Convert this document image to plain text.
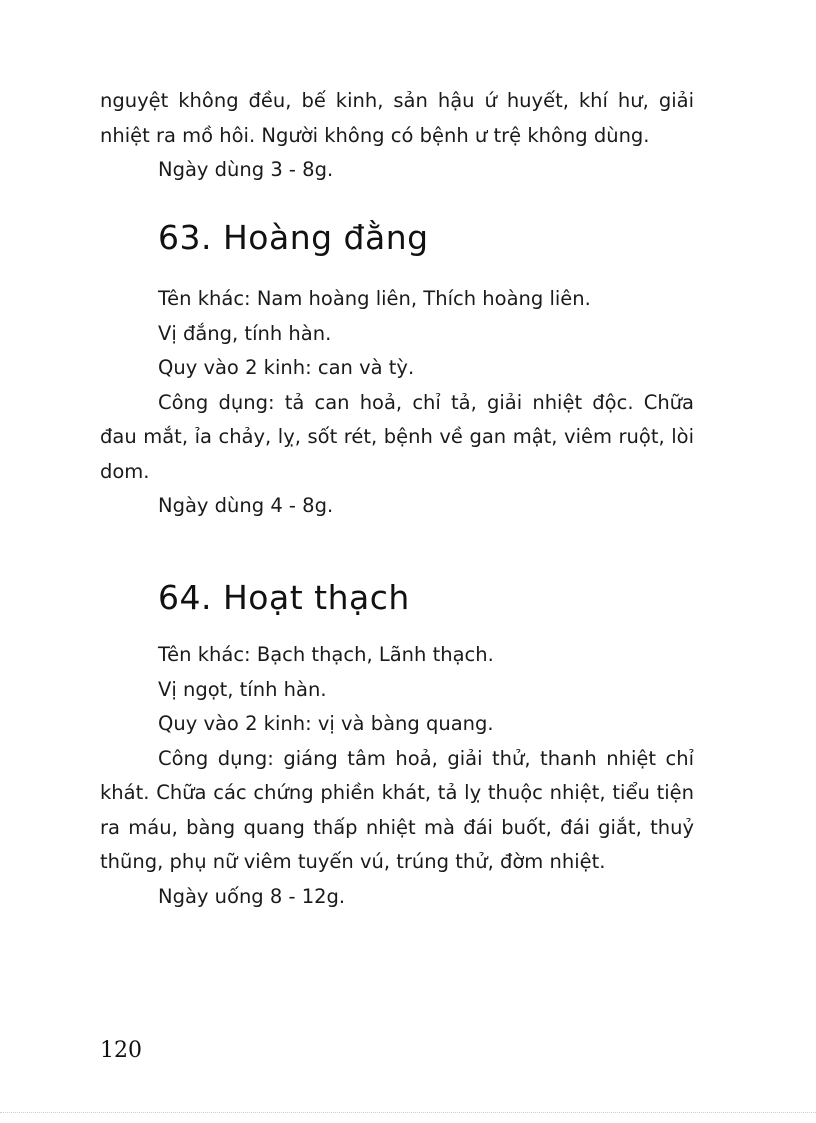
nguyệt không đều, bế kinh, sản hậu ứ huyết, khí hư, giải nhiệt ra mồ hôi. Người không có bệnh ư trệ không dùng.

Ngày dùng 3 - 8g.

63. Hoàng đằng

Tên khác: Nam hoàng liên, Thích hoàng liên.

Vị đắng, tính hàn.

Quy vào 2 kinh: can và tỳ.

Công dụng: tả can hoả, chỉ tả, giải nhiệt độc. Chữa đau mắt, ỉa chảy, lỵ, sốt rét, bệnh về gan mật, viêm ruột, lòi dom.

Ngày dùng 4 - 8g.

64. Hoạt thạch

Tên khác: Bạch thạch, Lãnh thạch.

Vị ngọt, tính hàn.

Quy vào 2 kinh: vị và bàng quang.

Công dụng: giáng tâm hoả, giải thử, thanh nhiệt chỉ khát. Chữa các chứng phiền khát, tả lỵ thuộc nhiệt, tiểu tiện ra máu, bàng quang thấp nhiệt mà đái buốt, đái giắt, thuỷ thũng, phụ nữ viêm tuyến vú, trúng thử, đờm nhiệt.

Ngày uống 8 - 12g.

120
